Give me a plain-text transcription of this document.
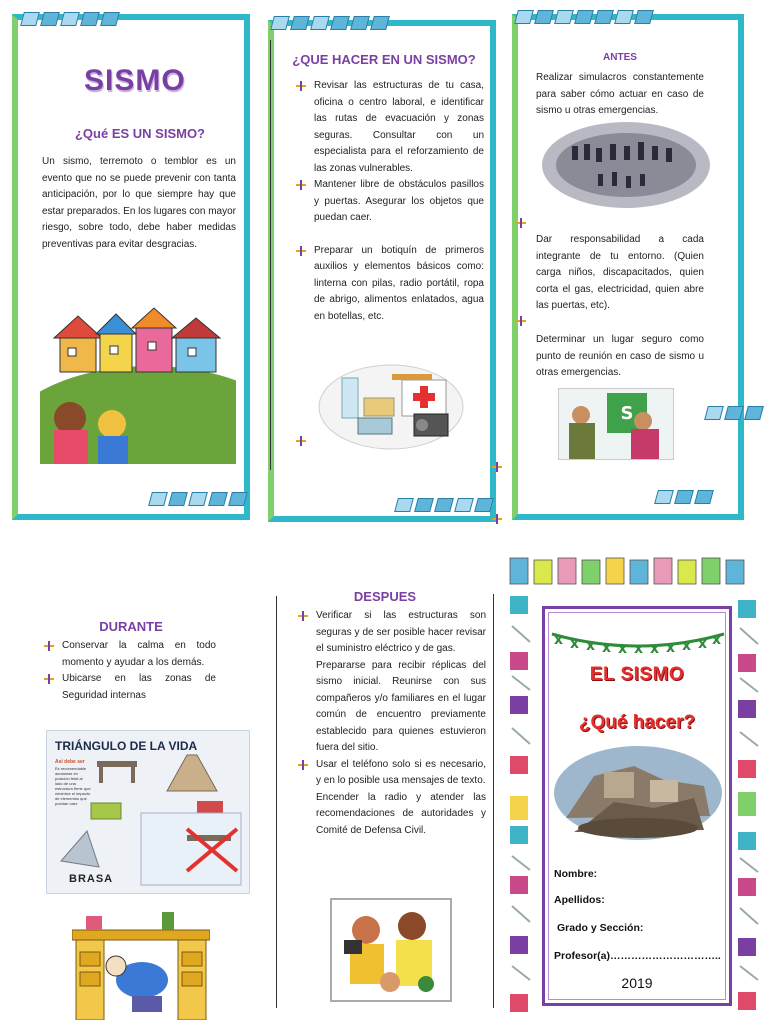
SISMO
¿Qué ES UN SISMO?
Un sismo, terremoto o temblor es un evento que no se puede prevenir con tanta anticipación, por lo que siempre hay que estar preparados. En los lugares con mayor riesgo, sobre todo, debe haber medidas preventivas para evitar desgracias.
¿QUE HACER EN UN SISMO?
Revisar las estructuras de tu casa, oficina o centro laboral, e identificar las rutas de evacuación y zonas seguras. Consultar con un especialista para el reforzamiento de las zonas vulnerables.
Mantener libre de obstáculos pasillos y puertas. Asegurar los objetos que puedan caer.
Preparar un botiquín de primeros auxilios y elementos básicos como: linterna con pilas, radio portátil, ropa de abrigo, alimentos enlatados, agua en botellas, etc.
ANTES
Realizar simulacros constantemente para saber cómo actuar en caso de sismo u otras emergencias.
Dar responsabilidad a cada integrante de tu entorno. (Quien carga niños, discapacitados, quien corta el gas, electricidad, quien abre las puertas, etc).
Determinar un lugar seguro como punto de reunión en caso de sismo u otras emergencias.
S
DURANTE
Conservar la calma en todo momento y ayudar a los demás.
Ubicarse en las zonas de Seguridad internas
TRIÁNGULO DE LA VIDA
Así debe ser
Es recomendable acostarse en posición fetal al lado de una estructura firme que minimice el impacto de elementos que puedan caer.
BRASA
DESPUES
Verificar si las estructuras son seguras y de ser posible hacer revisar el suministro eléctrico y de gas.
Prepararse para recibir réplicas del sismo inicial. Reunirse con sus compañeros y/o familiares en el lugar común de encuentro previamente establecido para quienes estuvieron fuera del sitio.
Usar el teléfono solo si es necesario, y en lo posible usa mensajes de texto.
Encender la radio y atender las recomendaciones de autoridades y Comité de Defensa Civil.
x x x x x x x x x x x
EL SISMO
¿Qué hacer?
Nombre:
Apellidos:
Grado y Sección:
Profesor(a)…………………………..
2019
